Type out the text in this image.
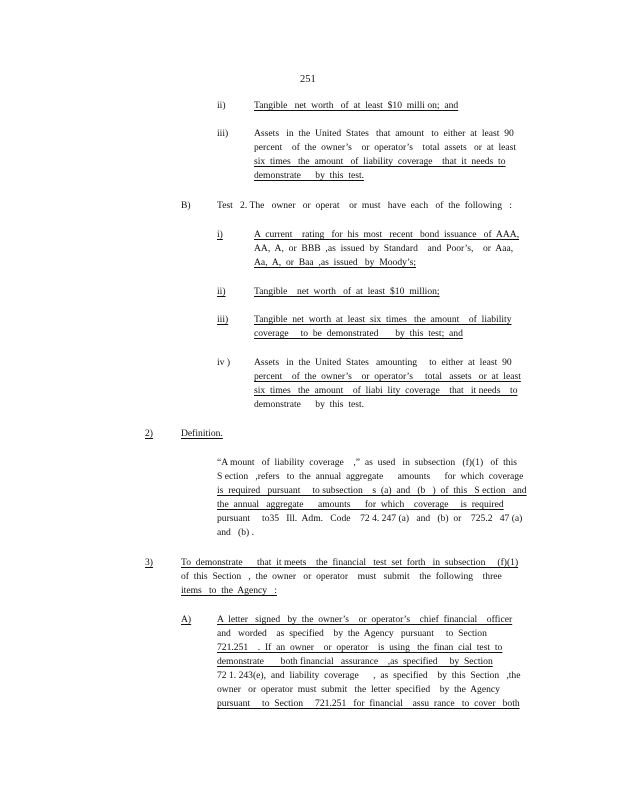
251
ii)	Tangible   net  worth   of  at  least  $10  milli on;  and
iii)	Assets   in  the  United  States   that  amount   to  either  at  least  90
percent    of  the  owner’s    or  operator’s    total  assets   or  at  least
six  times   the  amount   of  liability  coverage    that  it  needs  to
demonstrate      by  this  test.
B)	Test   2. The   owner   or  operat    or  must   have  each   of  the  following   :
i)	A  current    rating   for  his  most   recent   bond  issuance   of  AAA,
AA,  A,  or  BBB  ,as  issued  by  Standard    and  Poor’s,    or  Aaa,
Aa,  A,  or  Baa  ,as  issued   by  Moody’s;
ii)	Tangible    net  worth   of  at  least  $10  million;
iii)	Tangible  net  worth  at  least  six  times   the  amount    of  liability
coverage     to  be  demonstrated       by  this  test;  and
iv ) Assets   in  the  United  States   amounting     to  either  at  least  90
percent    of  the  owner’s    or  operator’s     total   assets   or  at  least
six  times   the  amount    of  liabi  lity  coverage    that   it needs    to
demonstrate      by  this  test.
2)	Definition.
“A mount   of  liability  coverage    ,”  as  used   in  subsection   (f)(1)   of  this
S ection   ,refers   to  the  annual  aggregate      amounts      for  which  coverage
is  required   pursuant     to subsection    s  (a)  and   (b   )  of  this   S ection   and
the  annual   aggregate      amounts      for  which    coverage     is  required
pursuant     to35   Ill.  Adm.   Code    72 4. 247 (a)   and   (b)  or    725.2   47 (a)
and   (b) .
3)	To  demonstrate      that  it meets    the  financial   test  set  forth   in  subsection     (f)(1)
of  this  Section   ,  the  owner   or  operator    must   submit    the  following    three
items   to  the  Agency   :
A)	A  letter   signed   by  the  owner’s    or  operator’s    chief  financial    officer
and   worded    as  specified    by  the  Agency   pursuant     to  Section
721.251    .  If  an  owner    or  operator    is  using   the  finan  cial  test  to
demonstrate       both financial   assurance    ,as  specified     by  Section
72 1. 243(e),  and  liability  coverage      ,  as  specified    by  this  Section   ,the
owner   or  operator  must  submit   the  letter  specified    by  the  Agency
pursuant     to  Section     721.251   for  financial    assu  rance   to  cover   both
